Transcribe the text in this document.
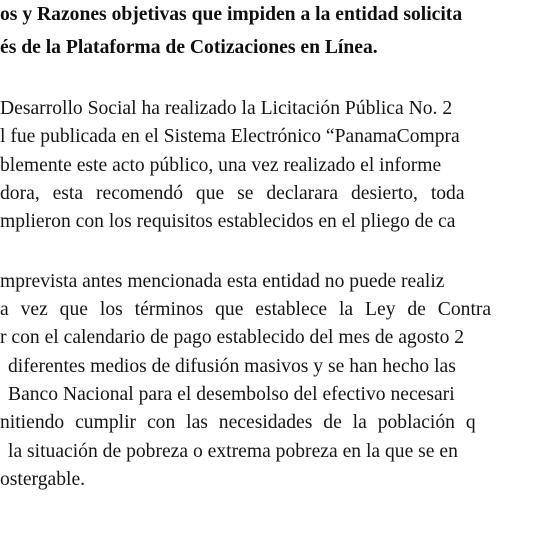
os y Razones objetivas que impiden a la entidad solicita
és de la Plataforma de Cotizaciones en Línea.
Desarrollo Social ha realizado la Licitación Pública No. 2
l fue publicada en el Sistema Electrónico “PanamaCompra
blemente este acto público, una vez realizado el informe
dora, esta recomendó que se declarara desierto, toda
mplieron con los requisitos establecidos en el pliego de ca
mprevista antes mencionada esta entidad no puede realiz
a vez que los términos que establece la Ley de Contra
r con el calendario de pago establecido del mes de agosto 2
diferentes medios de difusión masivos y se han hecho las
Banco Nacional para el desembolso del efectivo necesari
nitiendo cumplir con las necesidades de la población q
la situación de pobreza o extrema pobreza en la que se en
ostergable.
